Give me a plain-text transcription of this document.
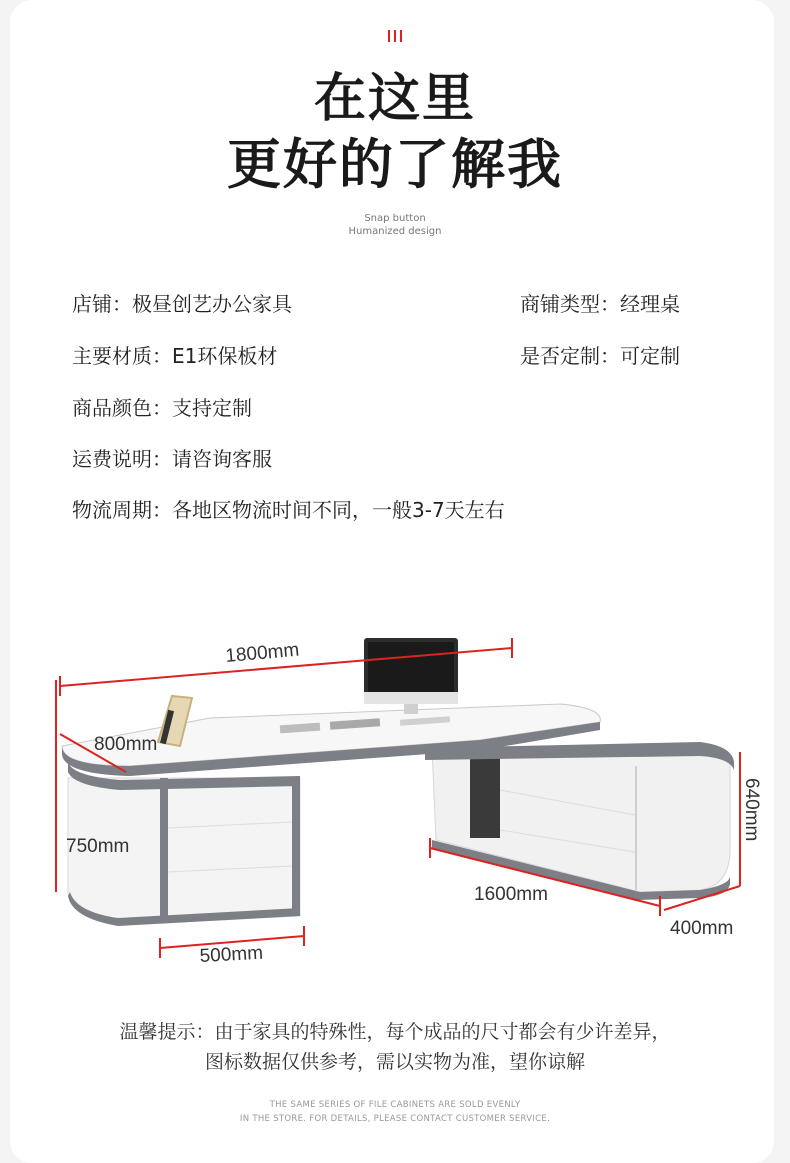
在这里
更好的了解我
Snap button
Humanized design
店铺：极昼创艺办公家具	商铺类型：经理桌
主要材质：E1环保板材	是否定制：可定制
商品颜色：支持定制
运费说明：请咨询客服
物流周期：各地区物流时间不同，一般3-7天左右
1800mm
800mm
750mm
500mm
1600mm
400mm
640mm
温馨提示：由于家具的特殊性，每个成品的尺寸都会有少许差异，
图标数据仅供参考，需以实物为准，望你谅解
THE SAME SERIES OF FILE CABINETS ARE SOLD EVENLY
IN THE STORE. FOR DETAILS, PLEASE CONTACT CUSTOMER SERVICE.
